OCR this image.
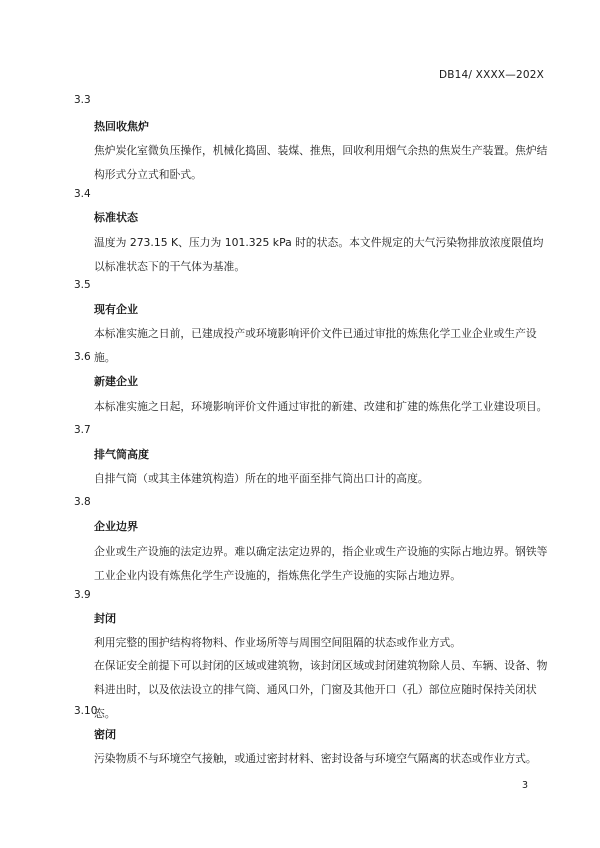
DB14/ XXXX—202X
3.3
热回收焦炉
焦炉炭化室微负压操作，机械化捣固、装煤、推焦，回收利用烟气余热的焦炭生产装置。焦炉结构形式分立式和卧式。
3.4
标准状态
温度为 273.15 K、压力为 101.325 kPa 时的状态。本文件规定的大气污染物排放浓度限值均以标准状态下的干气体为基准。
3.5
现有企业
本标准实施之日前，已建成投产或环境影响评价文件已通过审批的炼焦化学工业企业或生产设施。
3.6
新建企业
本标准实施之日起，环境影响评价文件通过审批的新建、改建和扩建的炼焦化学工业建设项目。
3.7
排气筒高度
自排气筒（或其主体建筑构造）所在的地平面至排气筒出口计的高度。
3.8
企业边界
企业或生产设施的法定边界。难以确定法定边界的，指企业或生产设施的实际占地边界。钢铁等工业企业内设有炼焦化学生产设施的，指炼焦化学生产设施的实际占地边界。
3.9
封闭
利用完整的围护结构将物料、作业场所等与周围空间阻隔的状态或作业方式。
在保证安全前提下可以封闭的区域或建筑物，该封闭区域或封闭建筑物除人员、车辆、设备、物料进出时，以及依法设立的排气筒、通风口外，门窗及其他开口（孔）部位应随时保持关闭状态。
3.10
密闭
污染物质不与环境空气接触，或通过密封材料、密封设备与环境空气隔离的状态或作业方式。
3
